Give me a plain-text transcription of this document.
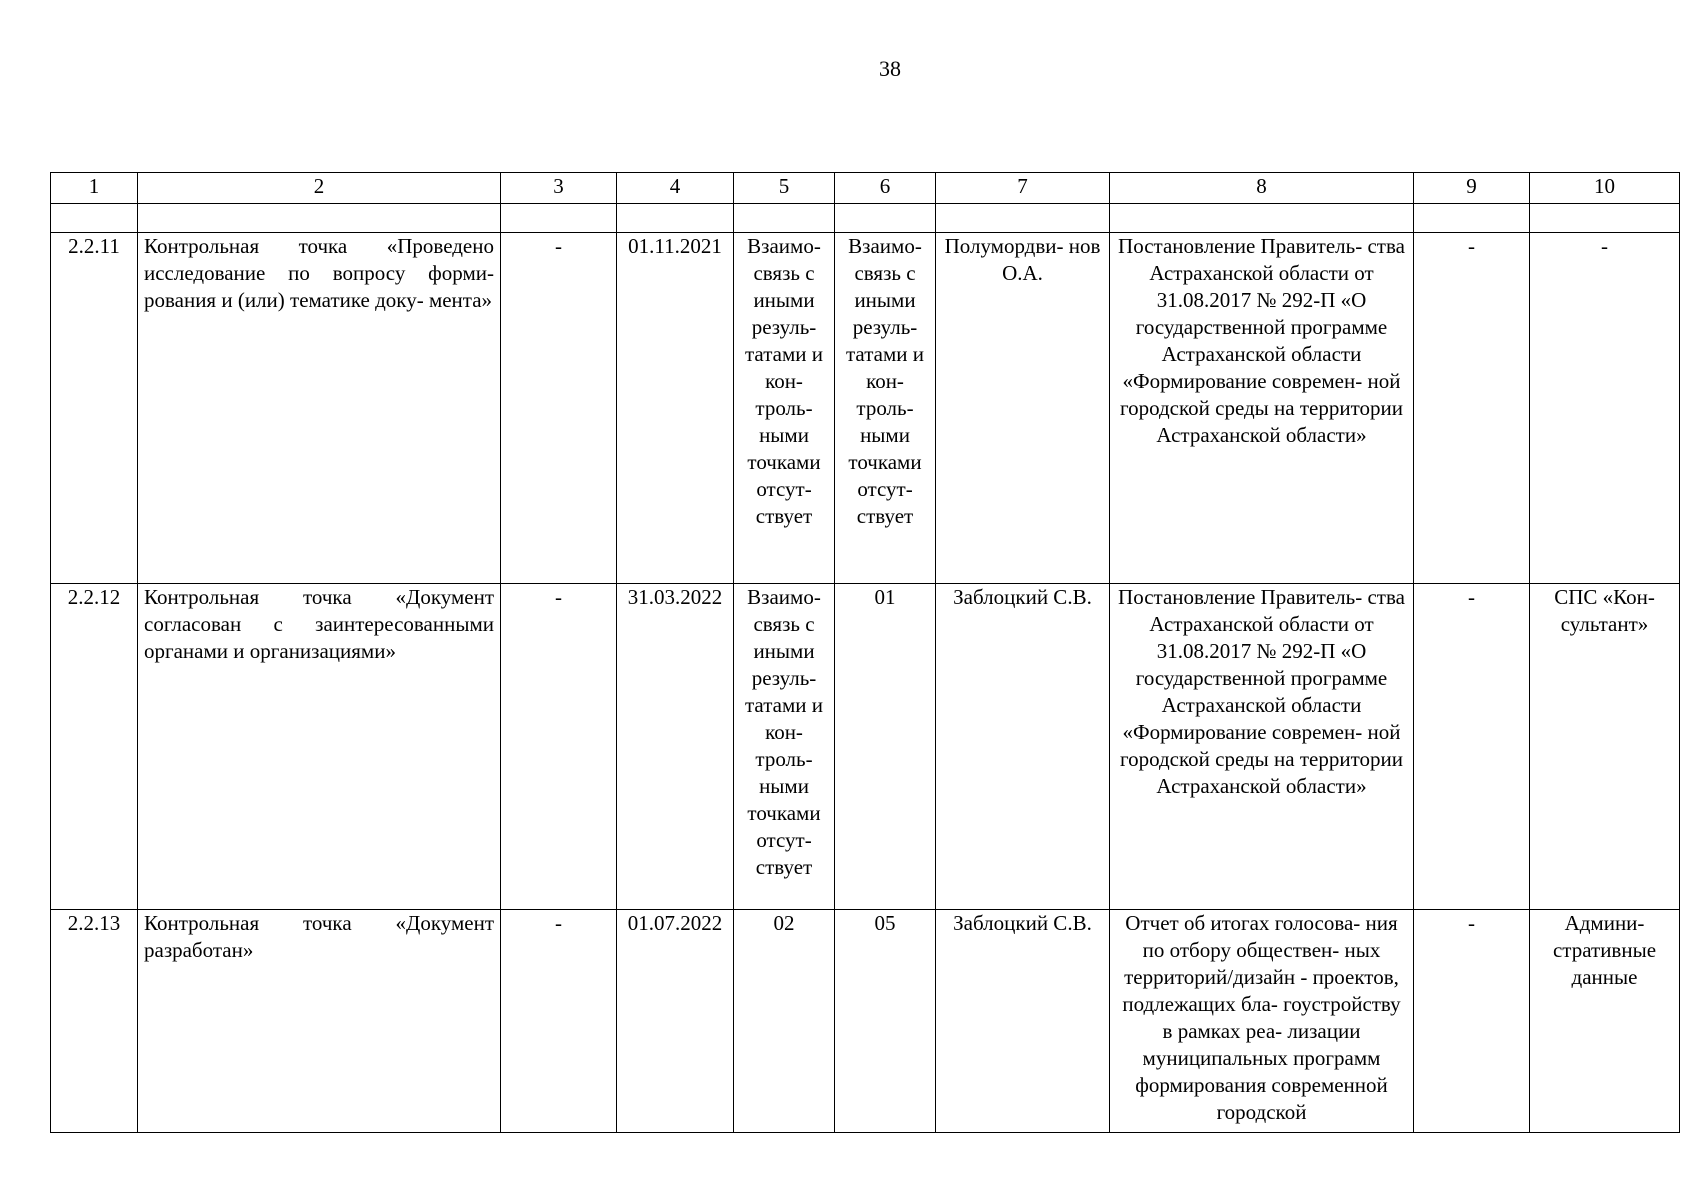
38
1	2	3	4	5	6	7	8	9	10

2.2.11	Контрольная точка «Проведено исследование по вопросу форми- рования и (или) тематике доку- мента»	-	01.11.2021	Взаимо- связь с иными резуль- татами и кон- троль- ными точками отсут- ствует	Взаимо- связь с иными резуль- татами и кон- троль- ными точками отсут- ствует	Полумордви- нов О.А.	Постановление Правитель- ства Астраханской области от 31.08.2017 № 292-П «О государственной программе Астраханской области «Формирование современ- ной городской среды на территории Астраханской области»	-	-
2.2.12	Контрольная точка «Документ согласован с заинтересованными органами и организациями»	-	31.03.2022	Взаимо- связь с иными резуль- татами и кон- троль- ными точками отсут- ствует	01	Заблоцкий С.В.	Постановление Правитель- ства Астраханской области от 31.08.2017 № 292-П «О государственной программе Астраханской области «Формирование современ- ной городской среды на территории Астраханской области»	-	СПС «Кон- сультант»
2.2.13	Контрольная точка «Документ разработан»	-	01.07.2022	02	05	Заблоцкий С.В.	Отчет об итогах голосова- ния по отбору обществен- ных территорий/дизайн - проектов, подлежащих бла- гоустройству в рамках реа- лизации муниципальных программ формирования современной городской	-	Админи- стративные данные
